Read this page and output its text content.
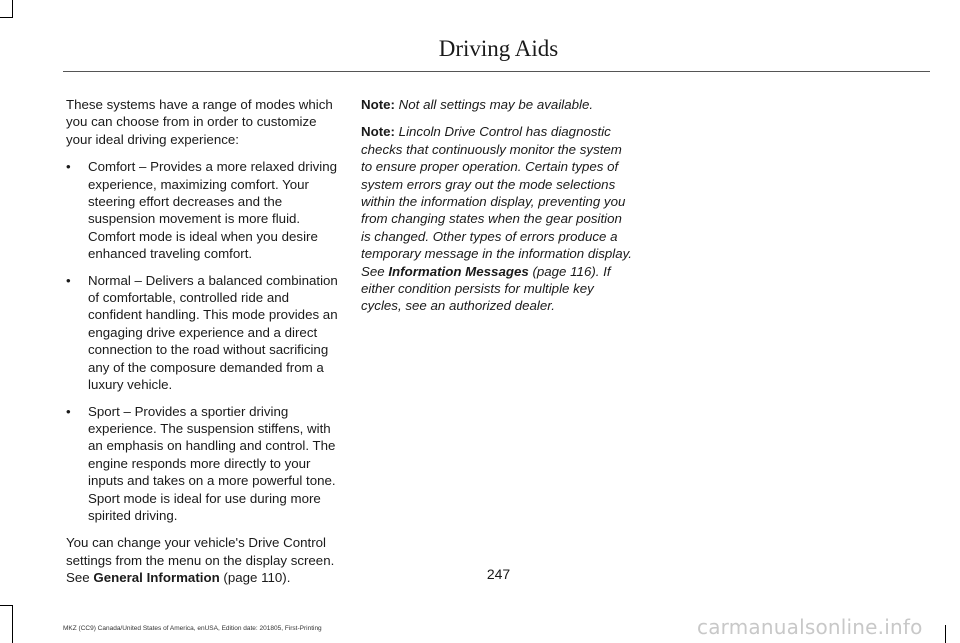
Driving Aids

These systems have a range of modes which you can choose from in order to customize your ideal driving experience:

• Comfort – Provides a more relaxed driving experience, maximizing comfort. Your steering effort decreases and the suspension movement is more fluid. Comfort mode is ideal when you desire enhanced traveling comfort.
• Normal – Delivers a balanced combination of comfortable, controlled ride and confident handling. This mode provides an engaging drive experience and a direct connection to the road without sacrificing any of the composure demanded from a luxury vehicle.
• Sport – Provides a sportier driving experience. The suspension stiffens, with an emphasis on handling and control. The engine responds more directly to your inputs and takes on a more powerful tone. Sport mode is ideal for use during more spirited driving.

You can change your vehicle's Drive Control settings from the menu on the display screen. See General Information (page 110).

Note: Not all settings may be available.

Note: Lincoln Drive Control has diagnostic checks that continuously monitor the system to ensure proper operation. Certain types of system errors gray out the mode selections within the information display, preventing you from changing states when the gear position is changed. Other types of errors produce a temporary message in the information display. See Information Messages (page 116). If either condition persists for multiple key cycles, see an authorized dealer.

247
MKZ (CC9) Canada/United States of America, enUSA, Edition date: 201805, First-Printing	carmanualsonline.info
